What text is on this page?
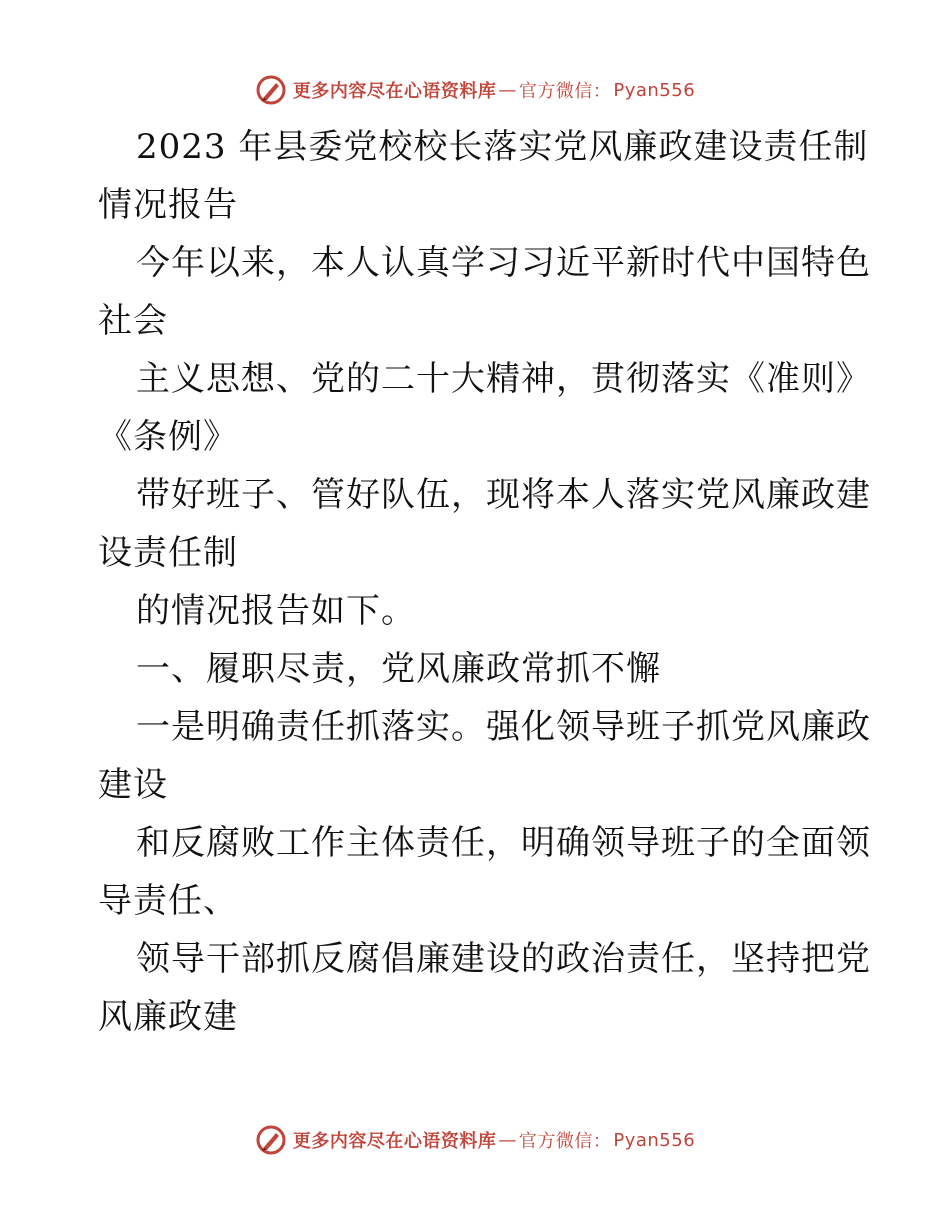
更多内容尽在心语资料库 — 官方微信： Pyan556
2023 年县委党校校长落实党风廉政建设责任制
情况报告
今年以来，本人认真学习习近平新时代中国特色
社会
主义思想、党的二十大精神，贯彻落实《准则》
《条例》
带好班子、管好队伍，现将本人落实党风廉政建
设责任制
的情况报告如下。
一、履职尽责，党风廉政常抓不懈
一是明确责任抓落实。强化领导班子抓党风廉政
建设
和反腐败工作主体责任，明确领导班子的全面领
导责任、
领导干部抓反腐倡廉建设的政治责任，坚持把党
风廉政建
更多内容尽在心语资料库 — 官方微信： Pyan556
